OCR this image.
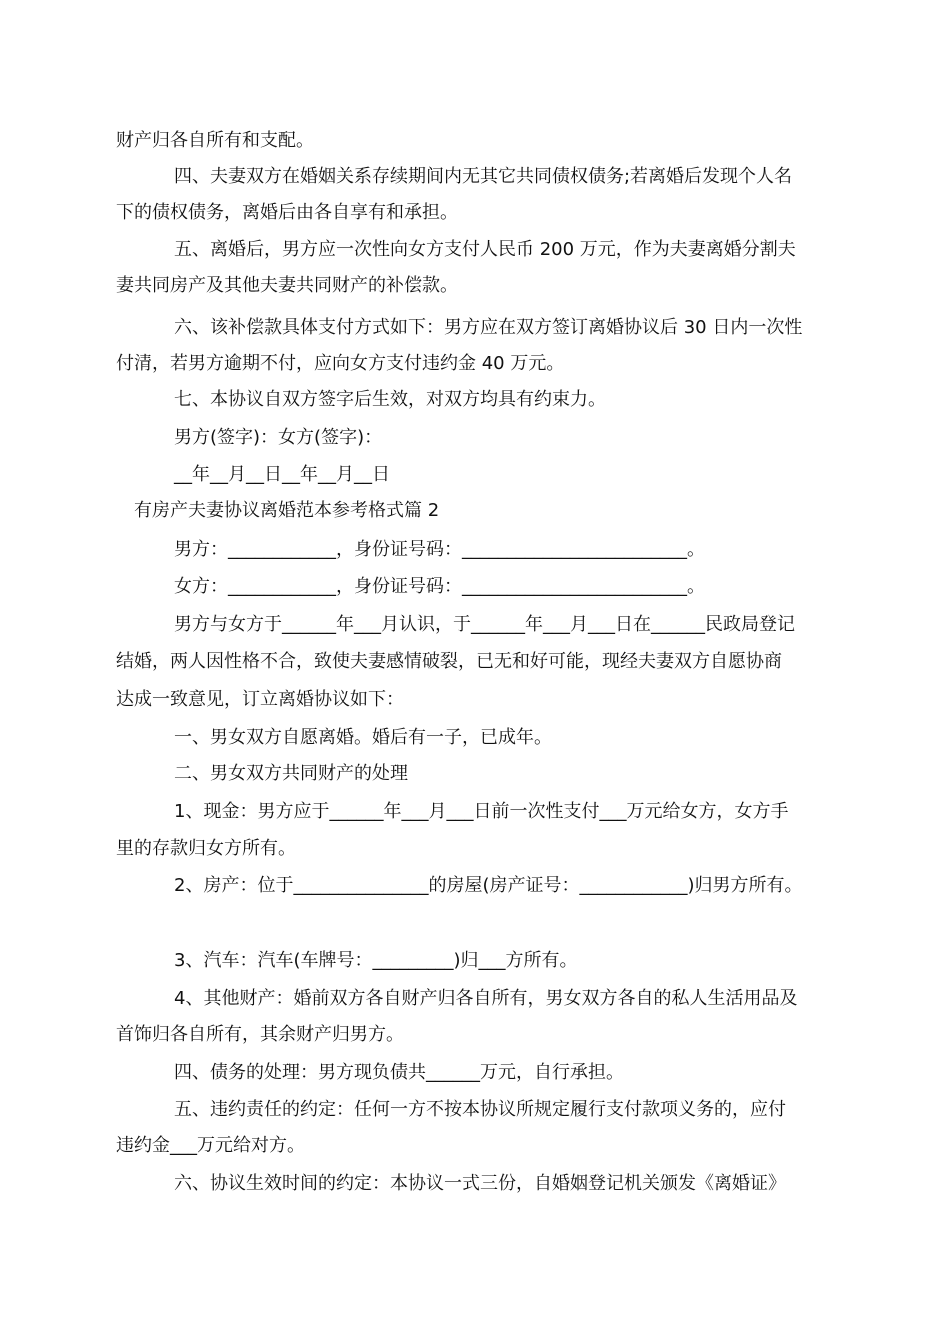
财产归各自所有和支配。

四、夫妻双方在婚姻关系存续期间内无其它共同债权债务;若离婚后发现个人名

下的债权债务，离婚后由各自享有和承担。

五、离婚后，男方应一次性向女方支付人民币 200 万元，作为夫妻离婚分割夫

妻共同房产及其他夫妻共同财产的补偿款。

六、该补偿款具体支付方式如下：男方应在双方签订离婚协议后 30 日内一次性

付清，若男方逾期不付，应向女方支付违约金 40 万元。

七、本协议自双方签字后生效，对双方均具有约束力。

男方(签字)：女方(签字)：

__年__月__日__年__月__日

有房产夫妻协议离婚范本参考格式篇 2

男方：____________，身份证号码：_________________________。

女方：____________，身份证号码：_________________________。

男方与女方于______年___月认识，于______年___月___日在______民政局登记

结婚，两人因性格不合，致使夫妻感情破裂，已无和好可能，现经夫妻双方自愿协商

达成一致意见，订立离婚协议如下：

一、男女双方自愿离婚。婚后有一子，已成年。

二、男女双方共同财产的处理

1、现金：男方应于______年___月___日前一次性支付___万元给女方，女方手

里的存款归女方所有。

2、房产：位于_______________的房屋(房产证号：____________)归男方所有。

3、汽车：汽车(车牌号：_________)归___方所有。

4、其他财产：婚前双方各自财产归各自所有，男女双方各自的私人生活用品及

首饰归各自所有，其余财产归男方。

四、债务的处理：男方现负债共______万元，自行承担。

五、违约责任的约定：任何一方不按本协议所规定履行支付款项义务的，应付

违约金___万元给对方。

六、协议生效时间的约定：本协议一式三份，自婚姻登记机关颁发《离婚证》
